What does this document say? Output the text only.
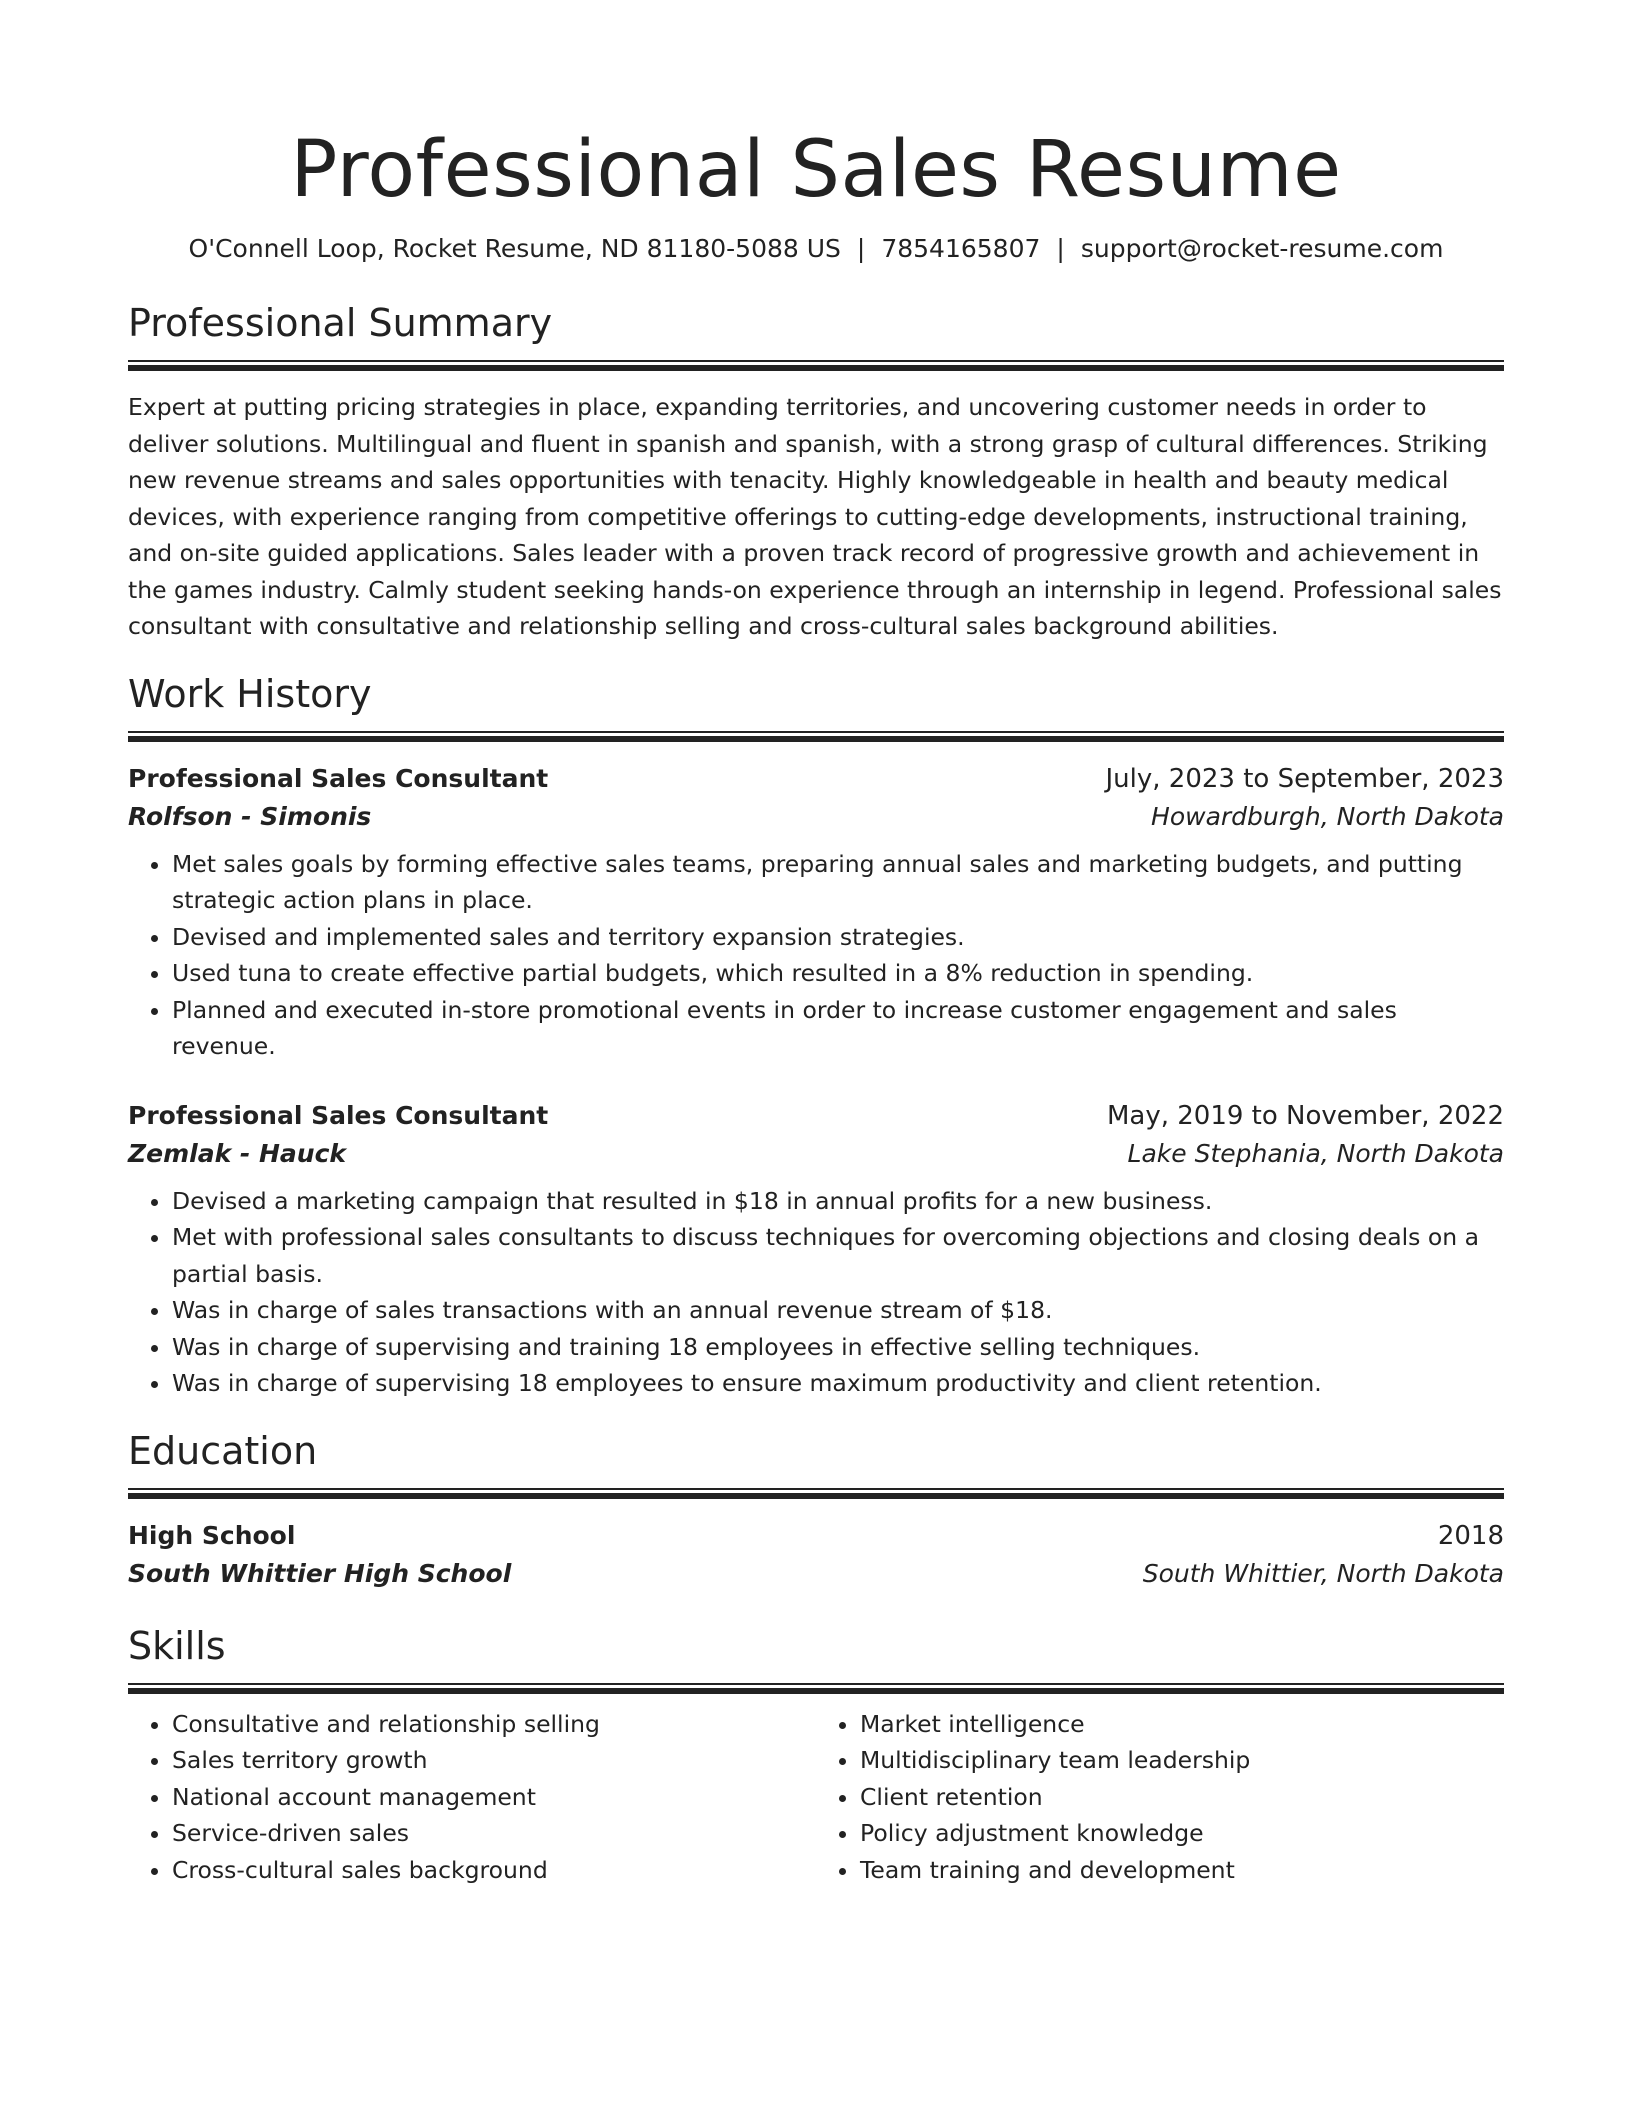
Professional Sales Resume
O'Connell Loop, Rocket Resume, ND 81180-5088 US | 7854165807 | support@rocket-resume.com
Professional Summary
Expert at putting pricing strategies in place, expanding territories, and uncovering customer needs in order to deliver solutions. Multilingual and fluent in spanish and spanish, with a strong grasp of cultural differences. Striking new revenue streams and sales opportunities with tenacity. Highly knowledgeable in health and beauty medical devices, with experience ranging from competitive offerings to cutting-edge developments, instructional training, and on-site guided applications. Sales leader with a proven track record of progressive growth and achievement in the games industry. Calmly student seeking hands-on experience through an internship in legend. Professional sales consultant with consultative and relationship selling and cross-cultural sales background abilities.
Work History
Professional Sales Consultant	July, 2023 to September, 2023
Rolfson - Simonis	Howardburgh, North Dakota
• Met sales goals by forming effective sales teams, preparing annual sales and marketing budgets, and putting strategic action plans in place.
• Devised and implemented sales and territory expansion strategies.
• Used tuna to create effective partial budgets, which resulted in a 8% reduction in spending.
• Planned and executed in-store promotional events in order to increase customer engagement and sales revenue.
Professional Sales Consultant	May, 2019 to November, 2022
Zemlak - Hauck	Lake Stephania, North Dakota
• Devised a marketing campaign that resulted in $18 in annual profits for a new business.
• Met with professional sales consultants to discuss techniques for overcoming objections and closing deals on a partial basis.
• Was in charge of sales transactions with an annual revenue stream of $18.
• Was in charge of supervising and training 18 employees in effective selling techniques.
• Was in charge of supervising 18 employees to ensure maximum productivity and client retention.
Education
High School	2018
South Whittier High School	South Whittier, North Dakota
Skills
• Consultative and relationship selling
• Sales territory growth
• National account management
• Service-driven sales
• Cross-cultural sales background
• Market intelligence
• Multidisciplinary team leadership
• Client retention
• Policy adjustment knowledge
• Team training and development
